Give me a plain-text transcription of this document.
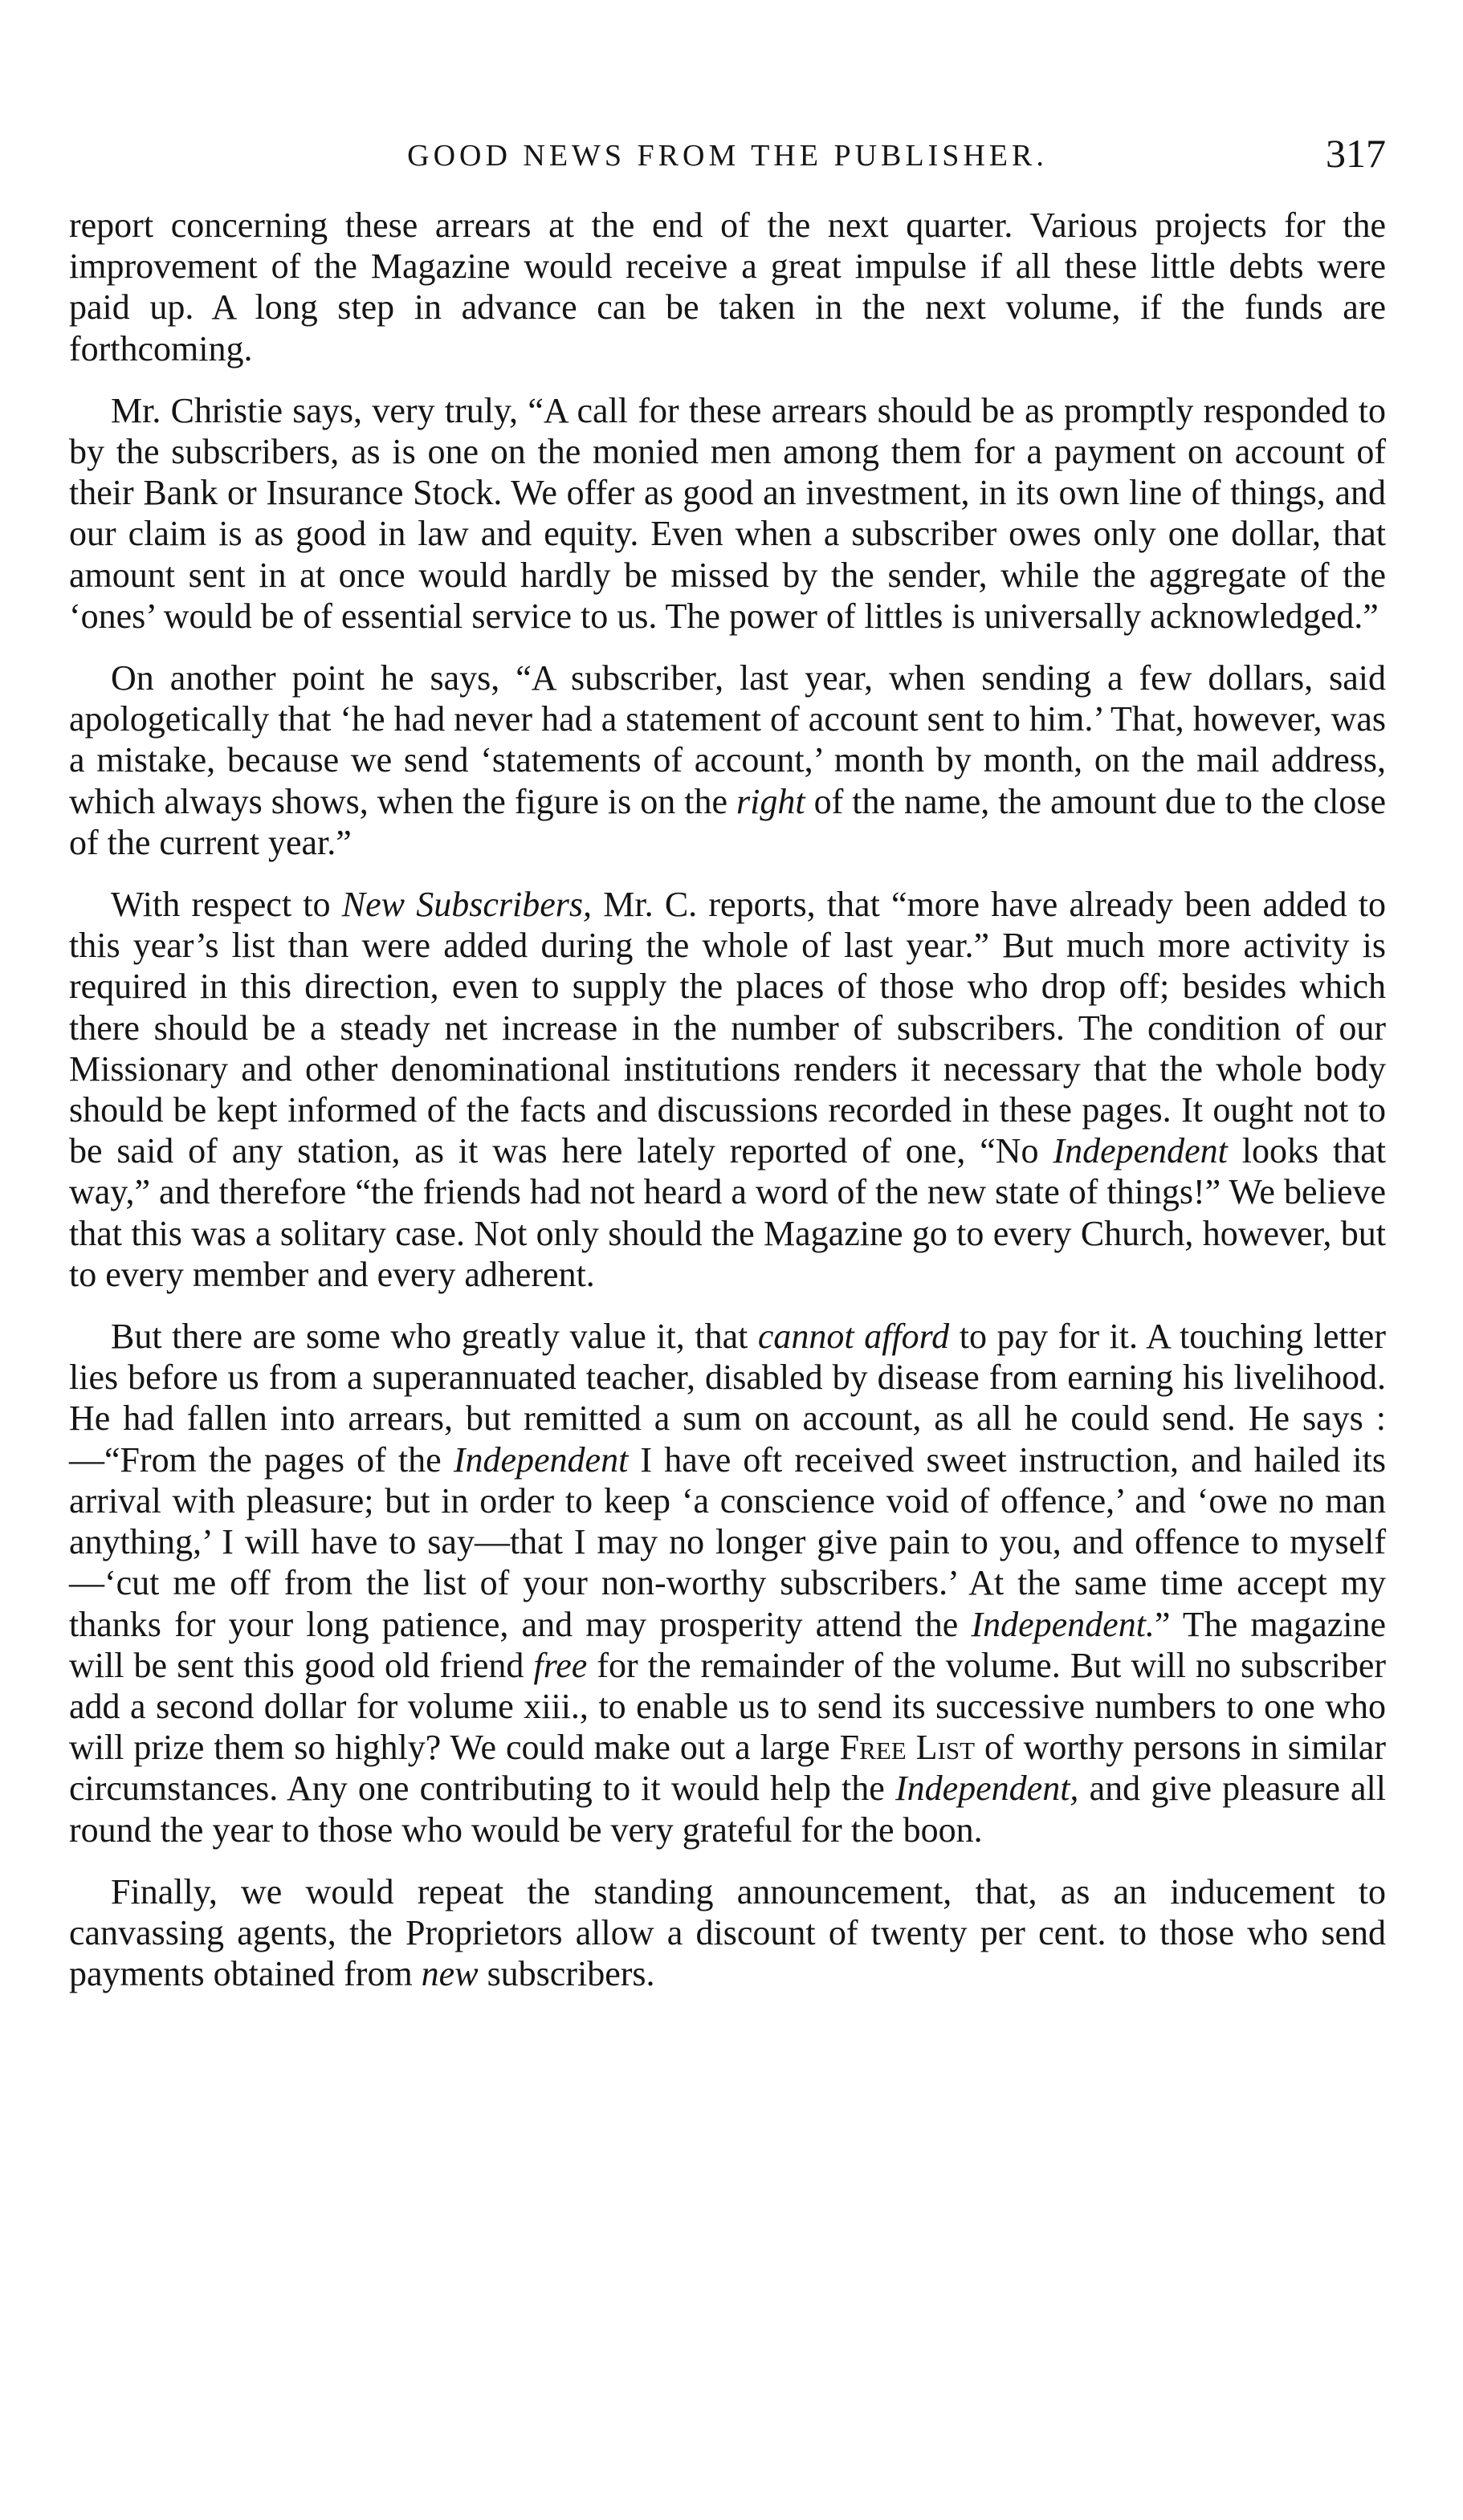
GOOD NEWS FROM THE PUBLISHER.	317

report concerning these arrears at the end of the next quarter. Various projects for the improvement of the Magazine would receive a great impulse if all these little debts were paid up. A long step in advance can be taken in the next volume, if the funds are forthcoming.

Mr. Christie says, very truly, “A call for these arrears should be as promptly responded to by the subscribers, as is one on the monied men among them for a payment on account of their Bank or Insurance Stock. We offer as good an investment, in its own line of things, and our claim is as good in law and equity. Even when a subscriber owes only one dollar, that amount sent in at once would hardly be missed by the sender, while the aggregate of the ‘ones’ would be of essential service to us. The power of littles is universally acknowledged.”

On another point he says, “A subscriber, last year, when sending a few dollars, said apologetically that ‘he had never had a statement of account sent to him.’ That, however, was a mistake, because we send ‘statements of account,’ month by month, on the mail address, which always shows, when the figure is on the right of the name, the amount due to the close of the current year.”

With respect to New Subscribers, Mr. C. reports, that “more have already been added to this year’s list than were added during the whole of last year.” But much more activity is required in this direction, even to supply the places of those who drop off; besides which there should be a steady net increase in the number of subscribers. The condition of our Missionary and other denominational institutions renders it necessary that the whole body should be kept informed of the facts and discussions recorded in these pages. It ought not to be said of any station, as it was here lately reported of one, “No Independent looks that way,” and therefore “the friends had not heard a word of the new state of things!” We believe that this was a solitary case. Not only should the Magazine go to every Church, however, but to every member and every adherent.

But there are some who greatly value it, that cannot afford to pay for it. A touching letter lies before us from a superannuated teacher, disabled by disease from earning his livelihood. He had fallen into arrears, but remitted a sum on account, as all he could send. He says :—“From the pages of the Independent I have oft received sweet instruction, and hailed its arrival with pleasure; but in order to keep ‘a conscience void of offence,’ and ‘owe no man anything,’ I will have to say—that I may no longer give pain to you, and offence to myself—‘cut me off from the list of your non-worthy subscribers.’ At the same time accept my thanks for your long patience, and may prosperity attend the Independent.” The magazine will be sent this good old friend free for the remainder of the volume. But will no subscriber add a second dollar for volume xiii., to enable us to send its successive numbers to one who will prize them so highly? We could make out a large Free List of worthy persons in similar circumstances. Any one contributing to it would help the Independent, and give pleasure all round the year to those who would be very grateful for the boon.

Finally, we would repeat the standing announcement, that, as an inducement to canvassing agents, the Proprietors allow a discount of twenty per cent. to those who send payments obtained from new subscribers.
